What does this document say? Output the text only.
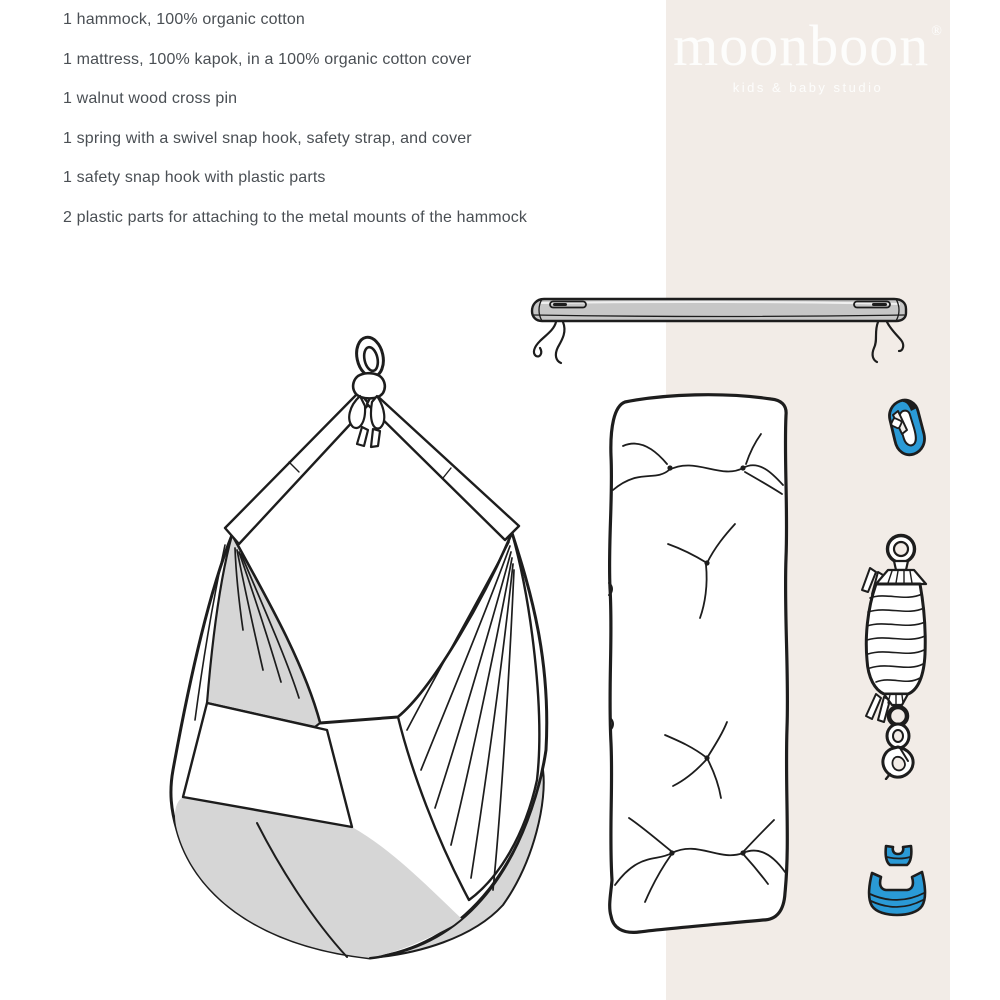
moonboon ®
kids & baby studio
1 hammock, 100% organic cotton
1 mattress, 100% kapok, in a 100% organic cotton cover
1 walnut wood cross pin
1 spring with a swivel snap hook, safety strap, and cover
1 safety snap hook with plastic parts
2 plastic parts for attaching to the metal mounts of the hammock
